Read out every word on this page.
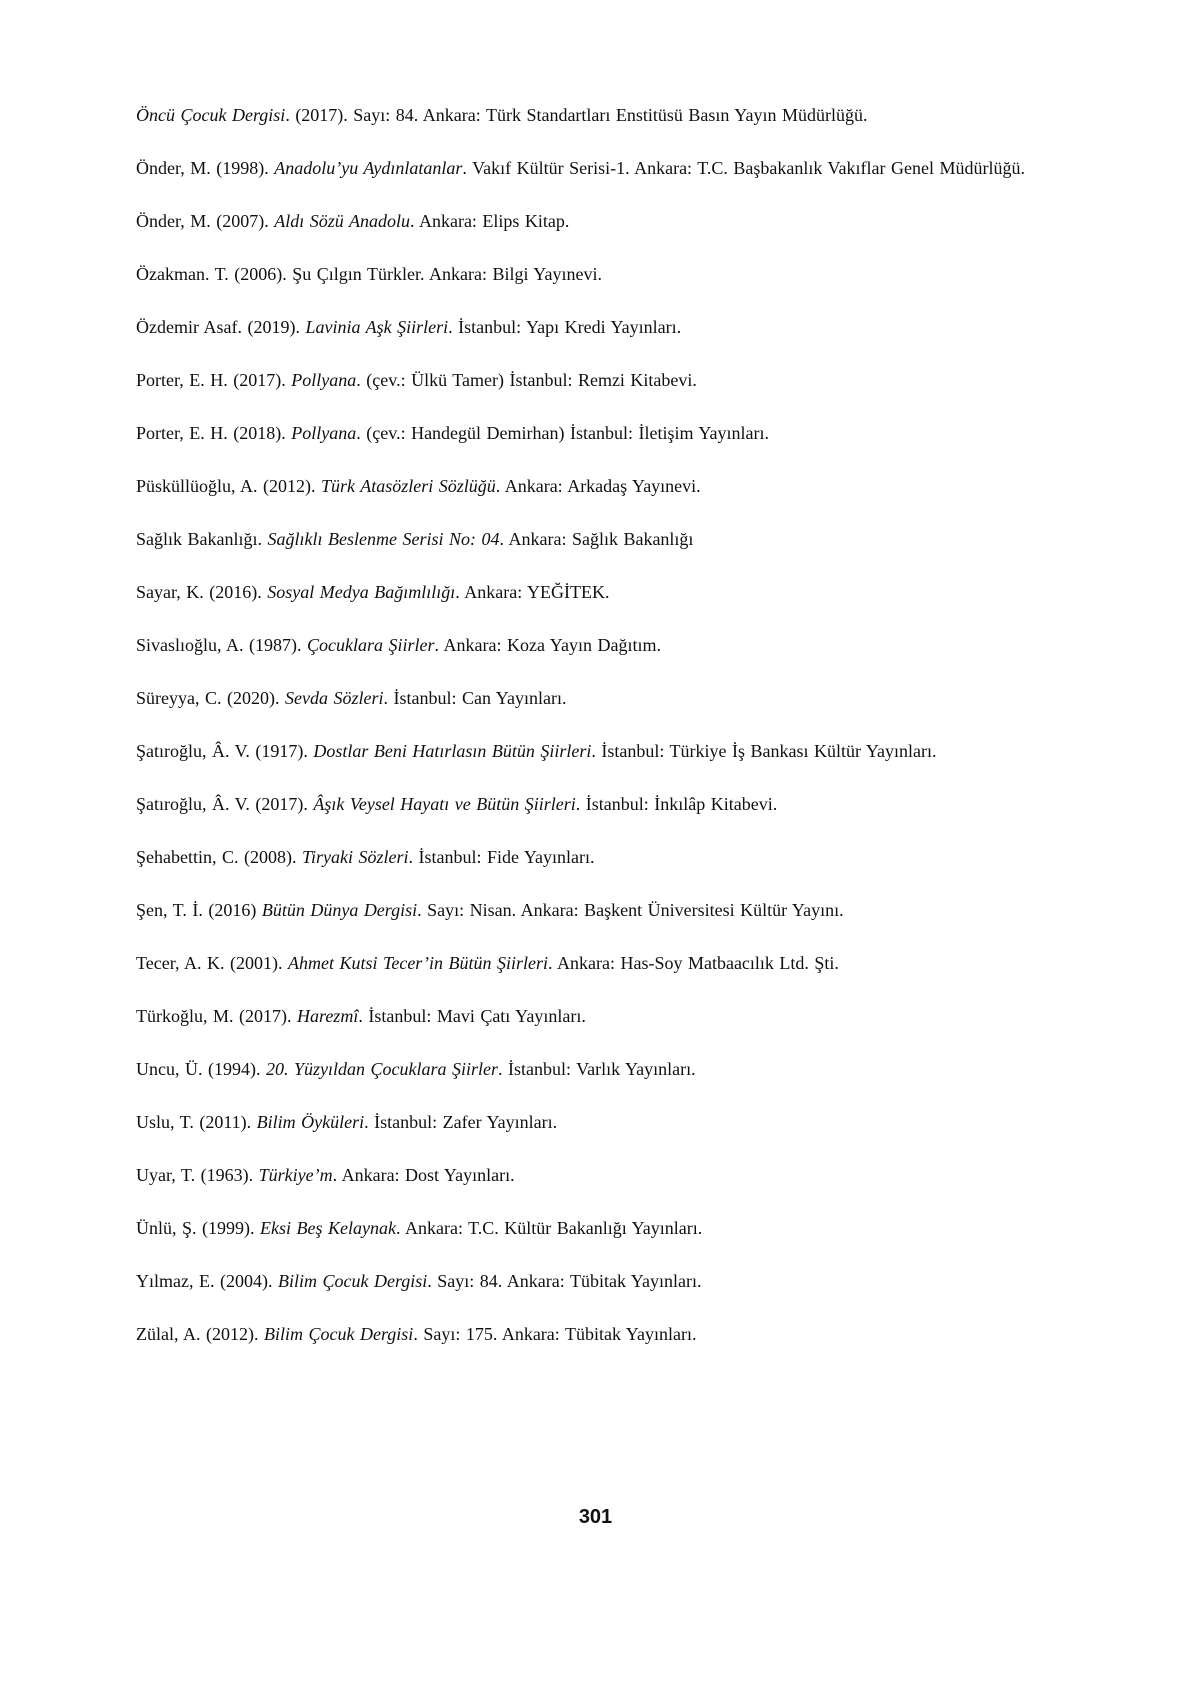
Öncü Çocuk Dergisi. (2017). Sayı: 84. Ankara: Türk Standartları Enstitüsü Basın Yayın Müdürlüğü.

Önder, M. (1998). Anadolu’yu Aydınlatanlar. Vakıf Kültür Serisi-1. Ankara: T.C. Başbakanlık Vakıflar Genel Müdürlüğü.

Önder, M. (2007). Aldı Sözü Anadolu. Ankara: Elips Kitap.

Özakman. T. (2006). Şu Çılgın Türkler. Ankara: Bilgi Yayınevi.

Özdemir Asaf. (2019). Lavinia Aşk Şiirleri. İstanbul: Yapı Kredi Yayınları.

Porter, E. H. (2017). Pollyana. (çev.: Ülkü Tamer) İstanbul: Remzi Kitabevi.

Porter, E. H. (2018). Pollyana. (çev.: Handegül Demirhan) İstanbul: İletişim Yayınları.

Püsküllüoğlu, A. (2012). Türk Atasözleri Sözlüğü. Ankara: Arkadaş Yayınevi.

Sağlık Bakanlığı. Sağlıklı Beslenme Serisi No: 04. Ankara: Sağlık Bakanlığı

Sayar, K. (2016). Sosyal Medya Bağımlılığı. Ankara: YEĞİTEK.

Sivaslıoğlu, A. (1987). Çocuklara Şiirler. Ankara: Koza Yayın Dağıtım.

Süreyya, C. (2020). Sevda Sözleri. İstanbul: Can Yayınları.

Şatıroğlu, Â. V. (1917). Dostlar Beni Hatırlasın Bütün Şiirleri. İstanbul: Türkiye İş Bankası Kültür Yayınları.

Şatıroğlu, Â. V. (2017). Âşık Veysel Hayatı ve Bütün Şiirleri. İstanbul: İnkılâp Kitabevi.

Şehabettin, C. (2008). Tiryaki Sözleri. İstanbul: Fide Yayınları.

Şen, T. İ. (2016) Bütün Dünya Dergisi. Sayı: Nisan. Ankara: Başkent Üniversitesi Kültür Yayını.

Tecer, A. K. (2001). Ahmet Kutsi Tecer’in Bütün Şiirleri. Ankara: Has-Soy Matbaacılık Ltd. Şti.

Türkoğlu, M. (2017). Harezmî. İstanbul: Mavi Çatı Yayınları.

Uncu, Ü. (1994). 20. Yüzyıldan Çocuklara Şiirler. İstanbul: Varlık Yayınları.

Uslu, T. (2011). Bilim Öyküleri. İstanbul: Zafer Yayınları.

Uyar, T. (1963). Türkiye’m. Ankara: Dost Yayınları.

Ünlü, Ş. (1999). Eksi Beş Kelaynak. Ankara: T.C. Kültür Bakanlığı Yayınları.

Yılmaz, E. (2004). Bilim Çocuk Dergisi. Sayı: 84. Ankara: Tübitak Yayınları.

Zülal, A. (2012). Bilim Çocuk Dergisi. Sayı: 175. Ankara: Tübitak Yayınları.

301
